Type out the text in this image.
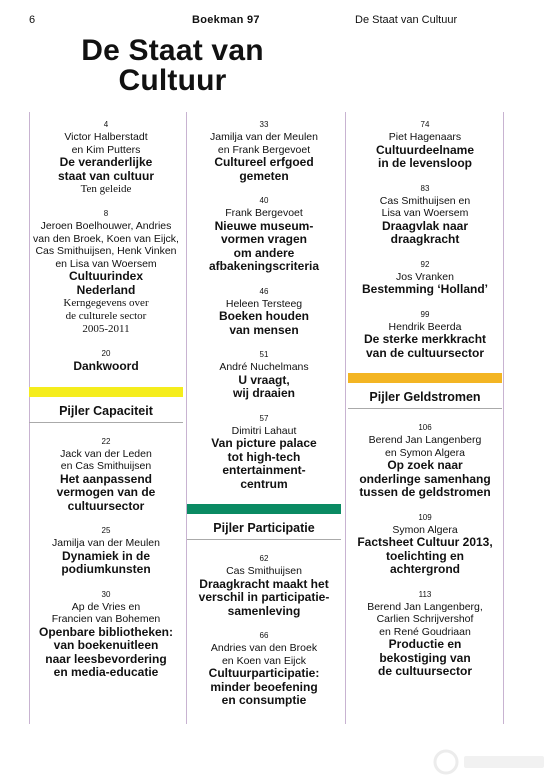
6	Boekman 97	De Staat van Cultuur
De Staat van
Cultuur
4
Victor Halberstadt
en Kim Putters
De veranderlijke
staat van cultuur
Ten geleide
8
Jeroen Boelhouwer, Andries
van den Broek, Koen van Eijck,
Cas Smithuijsen, Henk Vinken
en Lisa van Woersem
Cultuurindex
Nederland
Kerngegevens over
de culturele sector
2005-2011
20
Dankwoord
Pijler Capaciteit
22
Jack van der Leden
en Cas Smithuijsen
Het aanpassend
vermogen van de
cultuursector
25
Jamilja van der Meulen
Dynamiek in de
podiumkunsten
30
Ap de Vries en
Francien van Bohemen
Openbare bibliotheken:
van boekenuitleen
naar leesbevordering
en media-educatie
33
Jamilja van der Meulen
en Frank Bergevoet
Cultureel erfgoed
gemeten
40
Frank Bergevoet
Nieuwe museum-
vormen vragen
om andere
afbakeningscriteria
46
Heleen Tersteeg
Boeken houden
van mensen
51
André Nuchelmans
U vraagt,
wij draaien
57
Dimitri Lahaut
Van picture palace
tot high-tech
entertainment-
centrum
Pijler Participatie
62
Cas Smithuijsen
Draagkracht maakt het
verschil in participatie-
samenleving
66
Andries van den Broek
en Koen van Eijck
Cultuurparticipatie:
minder beoefening
en consumptie
74
Piet Hagenaars
Cultuurdeelname
in de levensloop
83
Cas Smithuijsen en
Lisa van Woersem
Draagvlak naar
draagkracht
92
Jos Vranken
Bestemming ‘Holland’
99
Hendrik Beerda
De sterke merkkracht
van de cultuursector
Pijler Geldstromen
106
Berend Jan Langenberg
en Symon Algera
Op zoek naar
onderlinge samenhang
tussen de geldstromen
109
Symon Algera
Factsheet Cultuur 2013,
toelichting en
achtergrond
113
Berend Jan Langenberg,
Carlien Schrijvershof
en René Goudriaan
Productie en
bekostiging van
de cultuursector
